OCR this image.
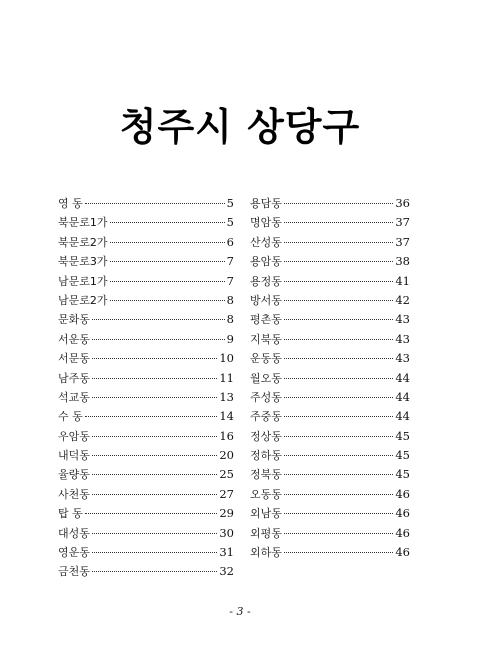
청주시 상당구
영 동	5
북문로1가	5
북문로2가	6
북문로3가	7
남문로1가	7
남문로2가	8
문화동	8
서운동	9
서문동	10
남주동	11
석교동	13
수 동	14
우암동	16
내덕동	20
율량동	25
사천동	27
탑 동	29
대성동	30
영운동	31
금천동	32
용담동	36
명암동	37
산성동	37
용암동	38
용정동	41
방서동	42
평촌동	43
지북동	43
운동동	43
월오동	44
주성동	44
주중동	44
정상동	45
정하동	45
정북동	45
오동동	46
외남동	46
외평동	46
외하동	46
- 3 -
